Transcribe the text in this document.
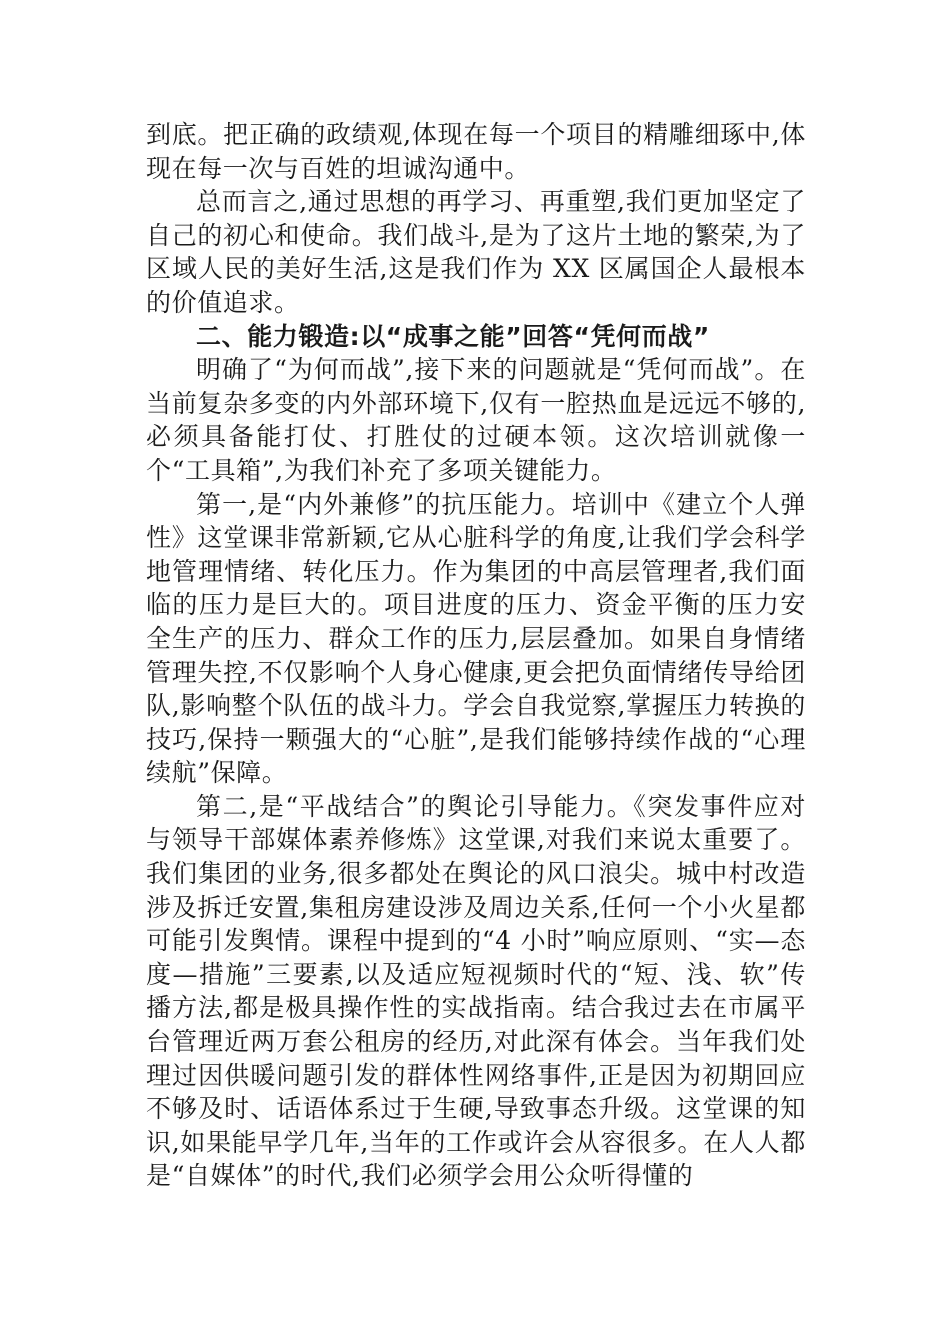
到底。把正确的政绩观,体现在每一个项目的精雕细琢中,体现在每一次与百姓的坦诚沟通中。

总而言之,通过思想的再学习、再重塑,我们更加坚定了自己的初心和使命。我们战斗,是为了这片土地的繁荣,为了区域人民的美好生活,这是我们作为 XX 区属国企人最根本的价值追求。

二、能力锻造:以“成事之能”回答“凭何而战”

明确了“为何而战”,接下来的问题就是“凭何而战”。在当前复杂多变的内外部环境下,仅有一腔热血是远远不够的,必须具备能打仗、打胜仗的过硬本领。这次培训就像一个“工具箱”,为我们补充了多项关键能力。

第一,是“内外兼修”的抗压能力。培训中《建立个人弹性》这堂课非常新颖,它从心脏科学的角度,让我们学会科学地管理情绪、转化压力。作为集团的中高层管理者,我们面临的压力是巨大的。项目进度的压力、资金平衡的压力安全生产的压力、群众工作的压力,层层叠加。如果自身情绪管理失控,不仅影响个人身心健康,更会把负面情绪传导给团队,影响整个队伍的战斗力。学会自我觉察,掌握压力转换的技巧,保持一颗强大的“心脏”,是我们能够持续作战的“心理续航”保障。

第二,是“平战结合”的舆论引导能力。《突发事件应对与领导干部媒体素养修炼》这堂课,对我们来说太重要了。我们集团的业务,很多都处在舆论的风口浪尖。城中村改造涉及拆迁安置,集租房建设涉及周边关系,任何一个小火星都可能引发舆情。课程中提到的“4 小时”响应原则、“实—态度—措施”三要素,以及适应短视频时代的“短、浅、软”传播方法,都是极具操作性的实战指南。结合我过去在市属平台管理近两万套公租房的经历,对此深有体会。当年我们处理过因供暖问题引发的群体性网络事件,正是因为初期回应不够及时、话语体系过于生硬,导致事态升级。这堂课的知识,如果能早学几年,当年的工作或许会从容很多。在人人都是“自媒体”的时代,我们必须学会用公众听得懂的
